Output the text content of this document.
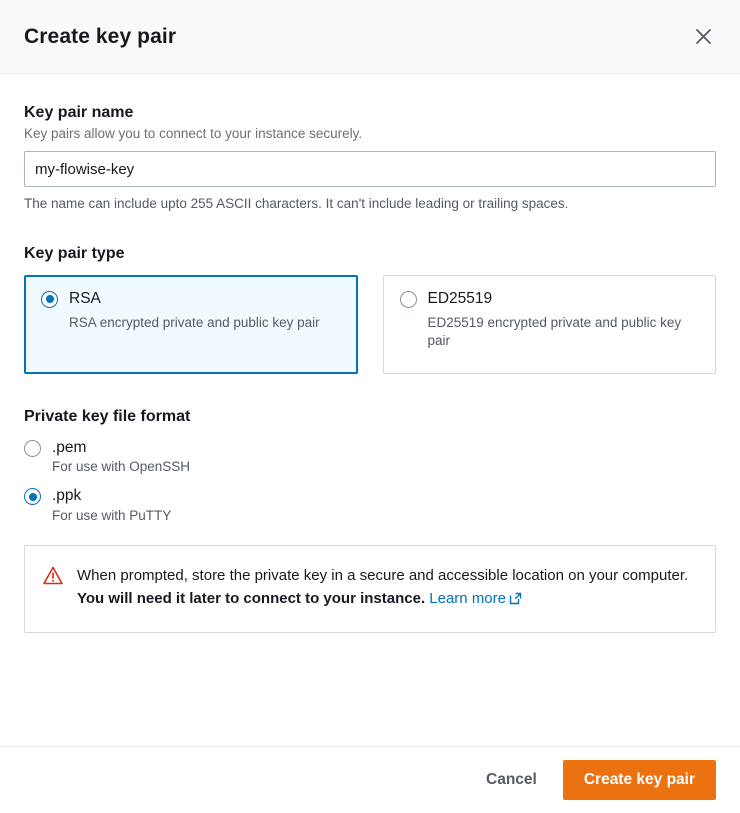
Create key pair
Key pair name
Key pairs allow you to connect to your instance securely.
my-flowise-key
The name can include upto 255 ASCII characters. It can't include leading or trailing spaces.
Key pair type
RSA
RSA encrypted private and public key pair
ED25519
ED25519 encrypted private and public key pair
Private key file format
.pem
For use with OpenSSH
.ppk
For use with PuTTY
When prompted, store the private key in a secure and accessible location on your computer. You will need it later to connect to your instance. Learn more
Cancel	Create key pair
